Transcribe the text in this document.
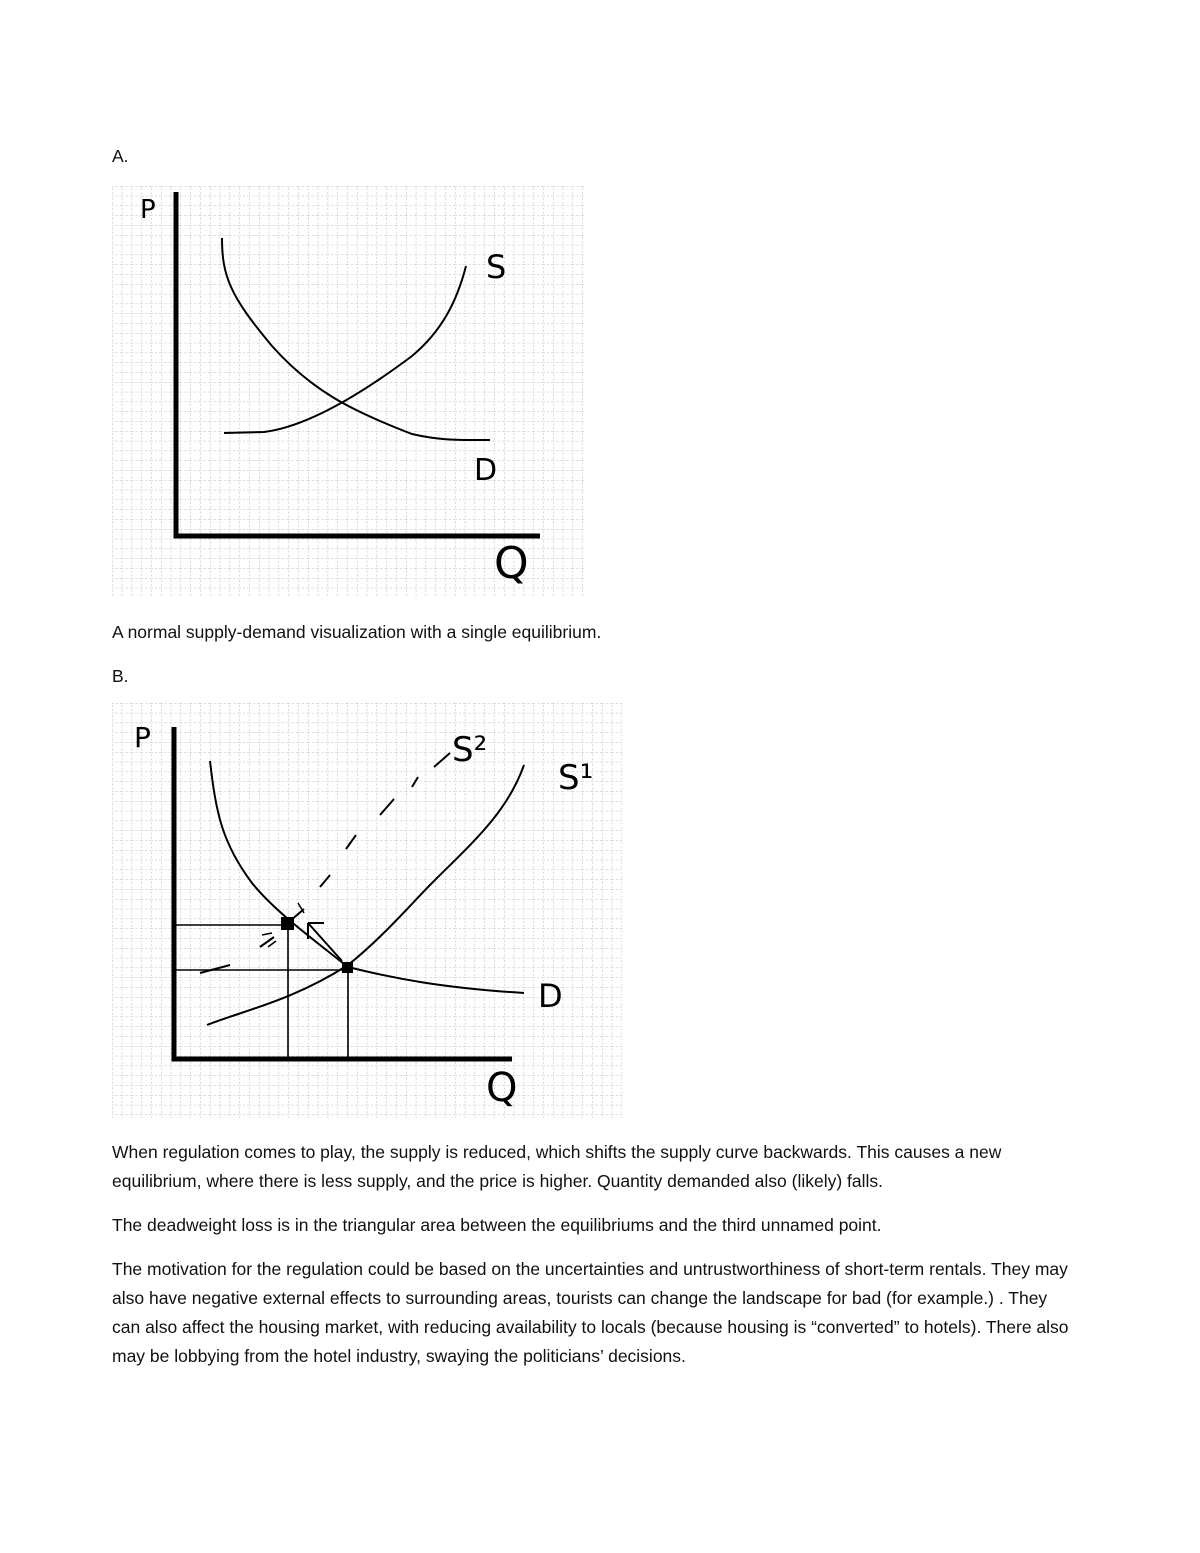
A.

P
S
D
Q

A normal supply-demand visualization with a single equilibrium.

B.

P	S²
S¹
D
Q

When regulation comes to play, the supply is reduced, which shifts the supply curve backwards. This causes a new equilibrium, where there is less supply, and the price is higher. Quantity demanded also (likely) falls.

The deadweight loss is in the triangular area between the equilibriums and the third unnamed point.

The motivation for the regulation could be based on the uncertainties and untrustworthiness of short-term rentals. They may also have negative external effects to surrounding areas, tourists can change the landscape for bad (for example.) . They can also affect the housing market, with reducing availability to locals (because housing is “converted” to hotels). There also may be lobbying from the hotel industry, swaying the politicians’ decisions.
